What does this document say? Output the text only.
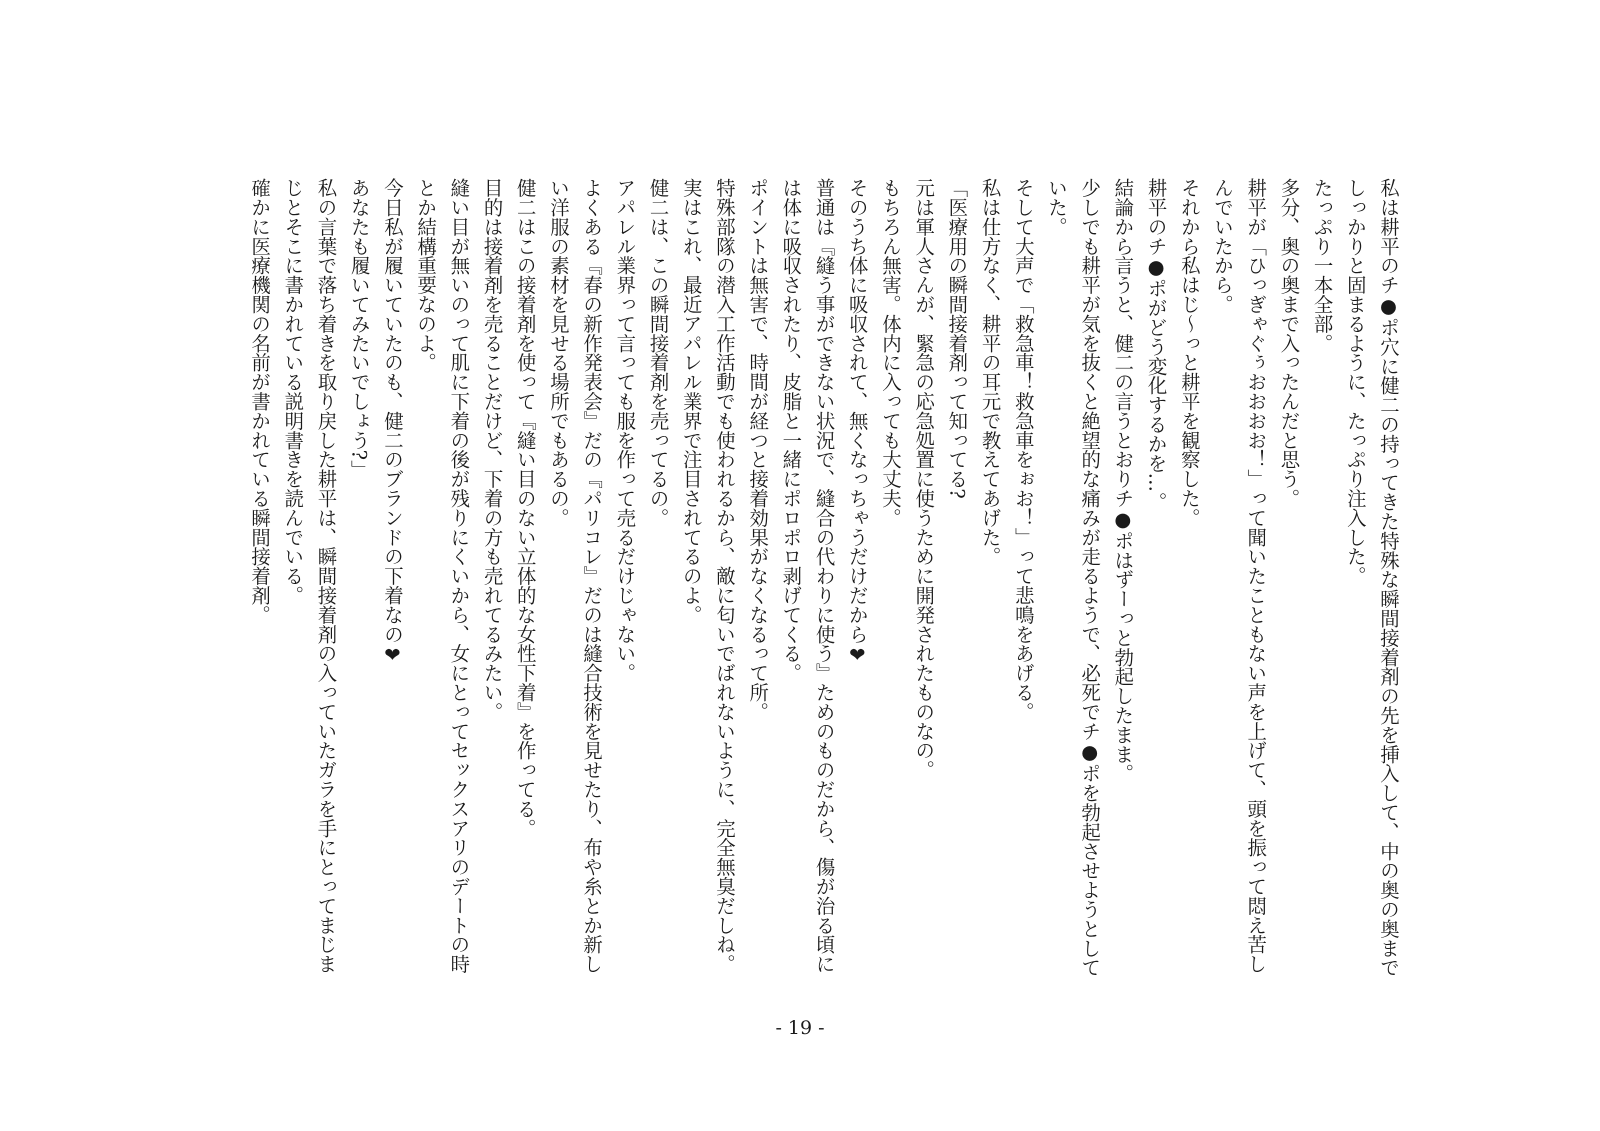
私は耕平のチ●ポ穴に健二の持ってきた特殊な瞬間接着剤の先を挿入して、中の奥の奥までしっかりと固まるように、たっぷり注入した。
たっぷり一本全部。
多分、奥の奥まで入ったんだと思う。
耕平が「ひっぎゃぐぅおおおお！」って聞いたこともない声を上げて、頭を振って悶え苦しんでいたから。
それから私はじ～っと耕平を観察した。
耕平のチ●ポがどう変化するかを…。
結論から言うと、健二の言うとおりチ●ポはずーっと勃起したまま。
少しでも耕平が気を抜くと絶望的な痛みが走るようで、必死でチ●ポを勃起させようとしていた。
そして大声で「救急車！救急車をぉお！」って悲鳴をあげる。
私は仕方なく、耕平の耳元で教えてあげた。
「医療用の瞬間接着剤って知ってる?
元は軍人さんが、緊急の応急処置に使うために開発されたものなの。
もちろん無害。体内に入っても大丈夫。
そのうち体に吸収されて、無くなっちゃうだけだから❤
普通は『縫う事ができない状況で、縫合の代わりに使う』ためのものだから、傷が治る頃には体に吸収されたり、皮脂と一緒にポロポロ剥げてくる。
ポイントは無害で、時間が経つと接着効果がなくなるって所。
特殊部隊の潜入工作活動でも使われるから、敵に匂いでばれないように、完全無臭だしね。
実はこれ、最近アパレル業界で注目されてるのよ。
健二は、この瞬間接着剤を売ってるの。
アパレル業界って言っても服を作って売るだけじゃない。
よくある『春の新作発表会』だの『パリコレ』だのは縫合技術を見せたり、布や糸とか新しい洋服の素材を見せる場所でもあるの。
健二はこの接着剤を使って『縫い目のない立体的な女性下着』を作ってる。
目的は接着剤を売ることだけど、下着の方も売れてるみたい。
縫い目が無いのって肌に下着の後が残りにくいから、女にとってセックスアリのデートの時とか結構重要なのよ。
今日私が履いていたのも、健二のブランドの下着なの❤
あなたも履いてみたいでしょう?」
私の言葉で落ち着きを取り戻した耕平は、瞬間接着剤の入っていたガラを手にとってまじまじとそこに書かれている説明書きを読んでいる。
確かに医療機関の名前が書かれている瞬間接着剤。
- 19 -
